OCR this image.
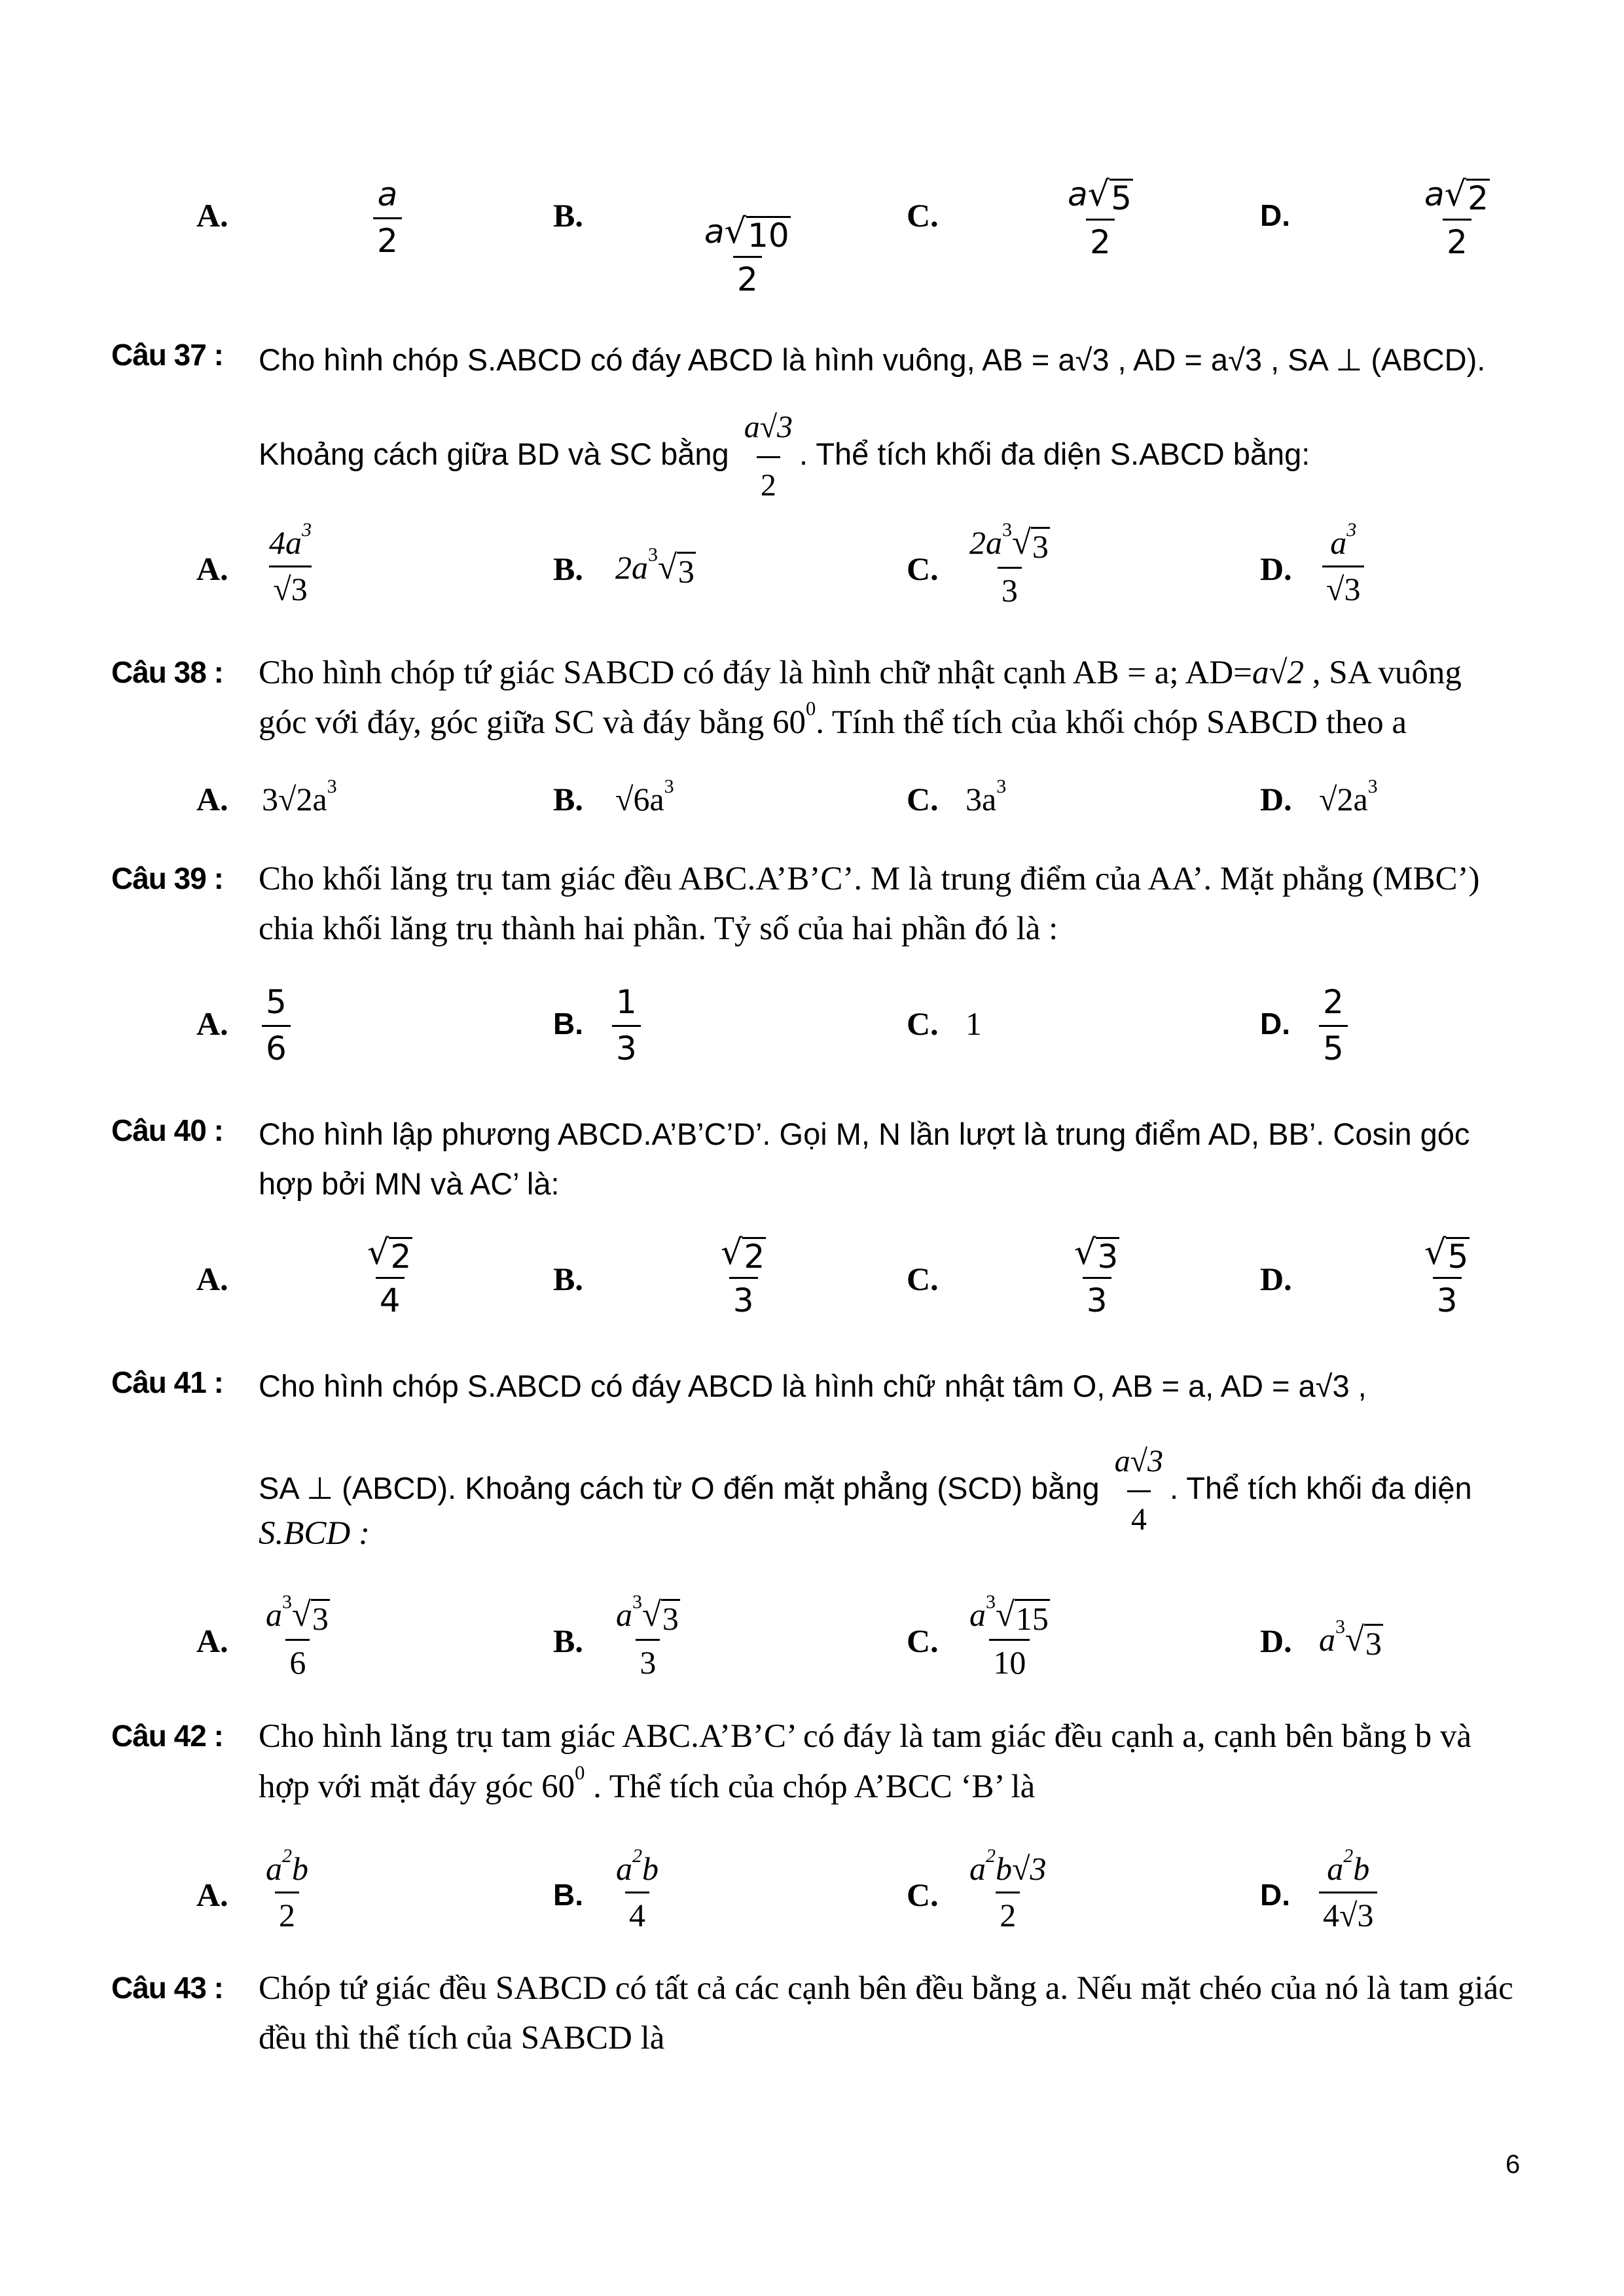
A.	$\frac{a}{2}$	B.	$\frac{a √ 10}{2}$	C.	$\frac{a √ 5}{2}$	D.	$\frac{a √ 2}{2}$
Câu 37 : Cho hình chóp S.ABCD có đáy ABCD là hình vuông, AB = a√3 , AD = a√3 , SA ⊥ (ABCD).
Khoảng cách giữa BD và SC bằng $\frac{a√3}{2}$ . Thể tích khối đa diện S.ABCD bằng:
A. $\frac{4a^3}{√3}$	B. $2a^3$ √ 3	C. $\frac{2a^3 √ 3}{3}$	D. $\frac{a^3}{√3}$
Câu 38 : Cho hình chóp tứ giác SABCD có đáy là hình chữ nhật cạnh AB = a; AD=a√2 , SA vuông
góc với đáy, góc giữa SC và đáy bằng $60^0$. Tính thể tích của khối chóp SABCD theo a
A. $3√2a^3$	B. $√6a^3$	C. $3a^3$	D. $√2a^3$
Câu 39 : Cho khối lăng trụ tam giác đều ABC.A’B’C’. M là trung điểm của AA’. Mặt phẳng (MBC’)
chia khối lăng trụ thành hai phần. Tỷ số của hai phần đó là :
A. $\frac{5}{6}$	B. $\frac{1}{3}$	C. 1	D. $\frac{2}{5}$
Câu 40 : Cho hình lập phương ABCD.A’B’C’D’. Gọi M, N lần lượt là trung điểm AD, BB’. Cosin góc
hợp bởi MN và AC’ là:
A.	$\frac{√ 2}{4}$	B.	$\frac{√ 2}{3}$	C.	$\frac{√ 3}{3}$	D.	$\frac{√ 5}{3}$
Câu 41 : Cho hình chóp S.ABCD có đáy ABCD là hình chữ nhật tâm O, AB = a, AD = a√3 ,
SA ⊥ (ABCD). Khoảng cách từ O đến mặt phẳng (SCD) bằng $\frac{a√3}{4}$ . Thể tích khối đa diện
S.BCD :
A. $\frac{a^3 √ 3}{6}$	B. $\frac{a^3 √ 3}{3}$	C. $\frac{a^3 √ 15}{10}$	D. $a^3$ √ 3
Câu 42 : Cho hình lăng trụ tam giác ABC.A’B’C’ có đáy là tam giác đều cạnh a, cạnh bên bằng b và
hợp với mặt đáy góc $60^0$ . Thể tích của chóp A’BCC ‘B’ là
A. $\frac{a^2b}{2}$	B. $\frac{a^2b}{4}$	C. $\frac{a^2b√3}{2}$	D. $\frac{a^2b}{4√3}$
Câu 43 : Chóp tứ giác đều SABCD có tất cả các cạnh bên đều bằng a. Nếu mặt chéo của nó là tam giác
đều thì thể tích của SABCD là
6
